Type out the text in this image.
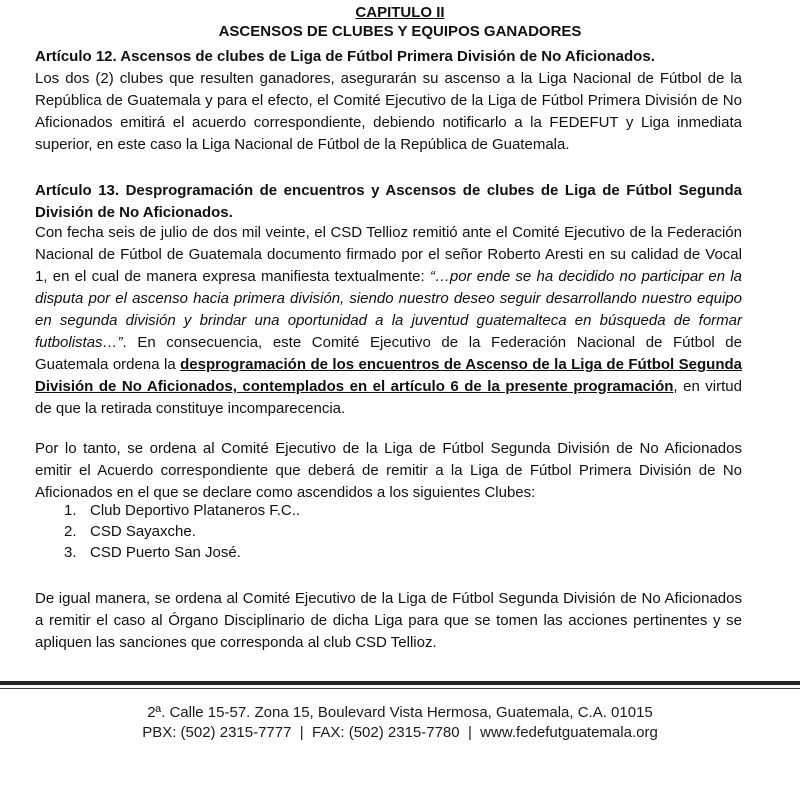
CAPITULO II
ASCENSOS DE CLUBES Y EQUIPOS GANADORES

Artículo 12. Ascensos de clubes de Liga de Fútbol Primera División de No Aficionados.

Los dos (2) clubes que resulten ganadores, asegurarán su ascenso a la Liga Nacional de Fútbol de la República de Guatemala y para el efecto, el Comité Ejecutivo de la Liga de Fútbol Primera División de No Aficionados emitirá el acuerdo correspondiente, debiendo notificarlo a la FEDEFUT y Liga inmediata superior, en este caso la Liga Nacional de Fútbol de la República de Guatemala.

Artículo 13. Desprogramación de encuentros y Ascensos de clubes de Liga de Fútbol Segunda División de No Aficionados.

Con fecha seis de julio de dos mil veinte, el CSD Tellioz remitió ante el Comité Ejecutivo de la Federación Nacional de Fútbol de Guatemala documento firmado por el señor Roberto Aresti en su calidad de Vocal 1, en el cual de manera expresa manifiesta textualmente: “…por ende se ha decidido no participar en la disputa por el ascenso hacia primera división, siendo nuestro deseo seguir desarrollando nuestro equipo en segunda división y brindar una oportunidad a la juventud guatemalteca en búsqueda de formar futbolistas…”. En consecuencia, este Comité Ejecutivo de la Federación Nacional de Fútbol de Guatemala ordena la desprogramación de los encuentros de Ascenso de la Liga de Fútbol Segunda División de No Aficionados, contemplados en el artículo 6 de la presente programación, en virtud de que la retirada constituye incomparecencia.

Por lo tanto, se ordena al Comité Ejecutivo de la Liga de Fútbol Segunda División de No Aficionados emitir el Acuerdo correspondiente que deberá de remitir a la Liga de Fútbol Primera División de No Aficionados en el que se declare como ascendidos a los siguientes Clubes:

1. Club Deportivo Plataneros F.C..
2. CSD Sayaxche.
3. CSD Puerto San José.

De igual manera, se ordena al Comité Ejecutivo de la Liga de Fútbol Segunda División de No Aficionados a remitir el caso al Órgano Disciplinario de dicha Liga para que se tomen las acciones pertinentes y se apliquen las sanciones que corresponda al club CSD Tellioz.

2ª. Calle 15-57. Zona 15, Boulevard Vista Hermosa, Guatemala, C.A. 01015
PBX: (502) 2315-7777  |  FAX: (502) 2315-7780  |  www.fedefutguatemala.org
